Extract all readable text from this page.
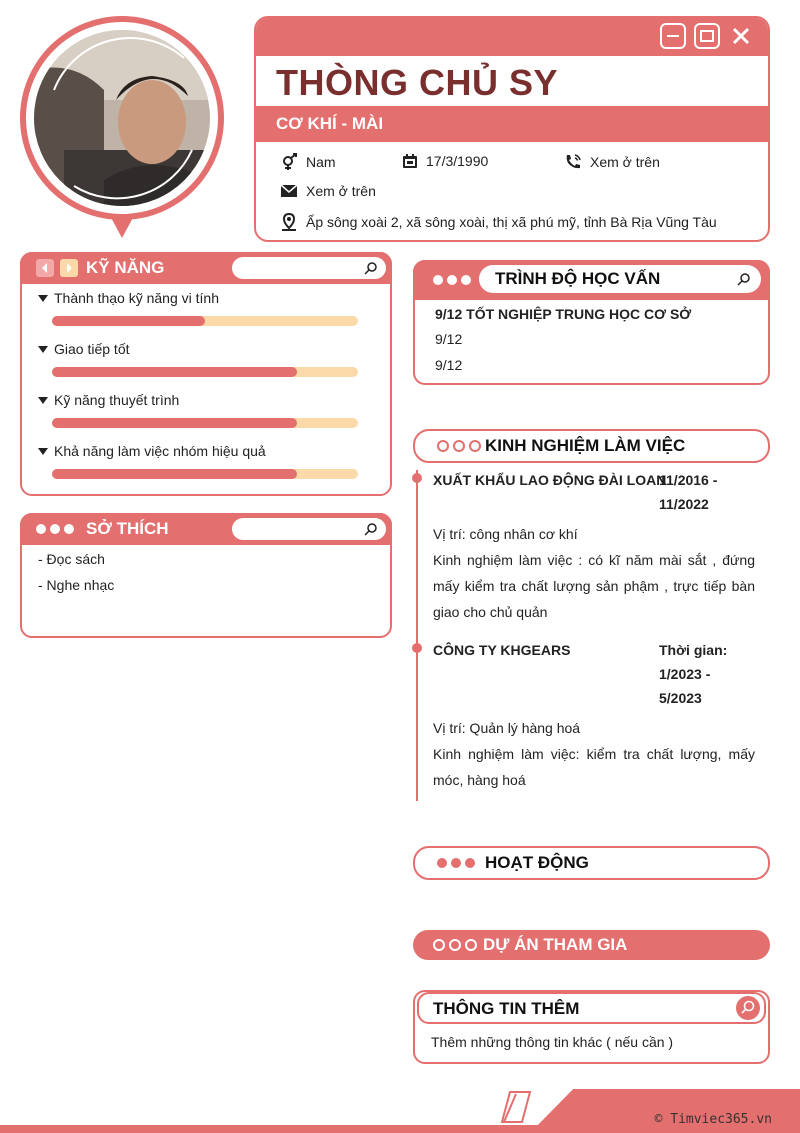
THÒNG CHỦ SY
CƠ KHÍ - MÀI
Nam	17/3/1990	Xem ở trên
Xem ở trên
Ấp sông xoài 2, xã sông xoài, thị xã phú mỹ, tỉnh Bà Rịa Vũng Tàu
KỸ NĂNG
Thành thạo kỹ năng vi tính
Giao tiếp tốt
Kỹ năng thuyết trình
Khả năng làm việc nhóm hiệu quả
SỞ THÍCH
- Đọc sách
- Nghe nhạc
TRÌNH ĐỘ HỌC VẤN
9/12 TỐT NGHIỆP TRUNG HỌC CƠ SỞ
9/12
9/12
KINH NGHIỆM LÀM VIỆC
XUẤT KHẨU LAO ĐỘNG ĐÀI LOAN
11/2016 -
11/2022
Vị trí: công nhân cơ khí
Kinh nghiệm làm việc : có kĩ năm mài sắt , đứng
mấy kiểm tra chất lượng sản phậm , trực tiếp bàn
giao cho chủ quản
CÔNG TY KHGEARS	Thời gian:
1/2023 -
5/2023
Vị trí: Quản lý hàng hoá
Kinh nghiệm làm việc: kiểm tra chất lượng, mấy
móc, hàng hoá
HOẠT ĐỘNG
DỰ ÁN THAM GIA
THÔNG TIN THÊM
Thêm những thông tin khác ( nếu cần )
© Timviec365.vn
